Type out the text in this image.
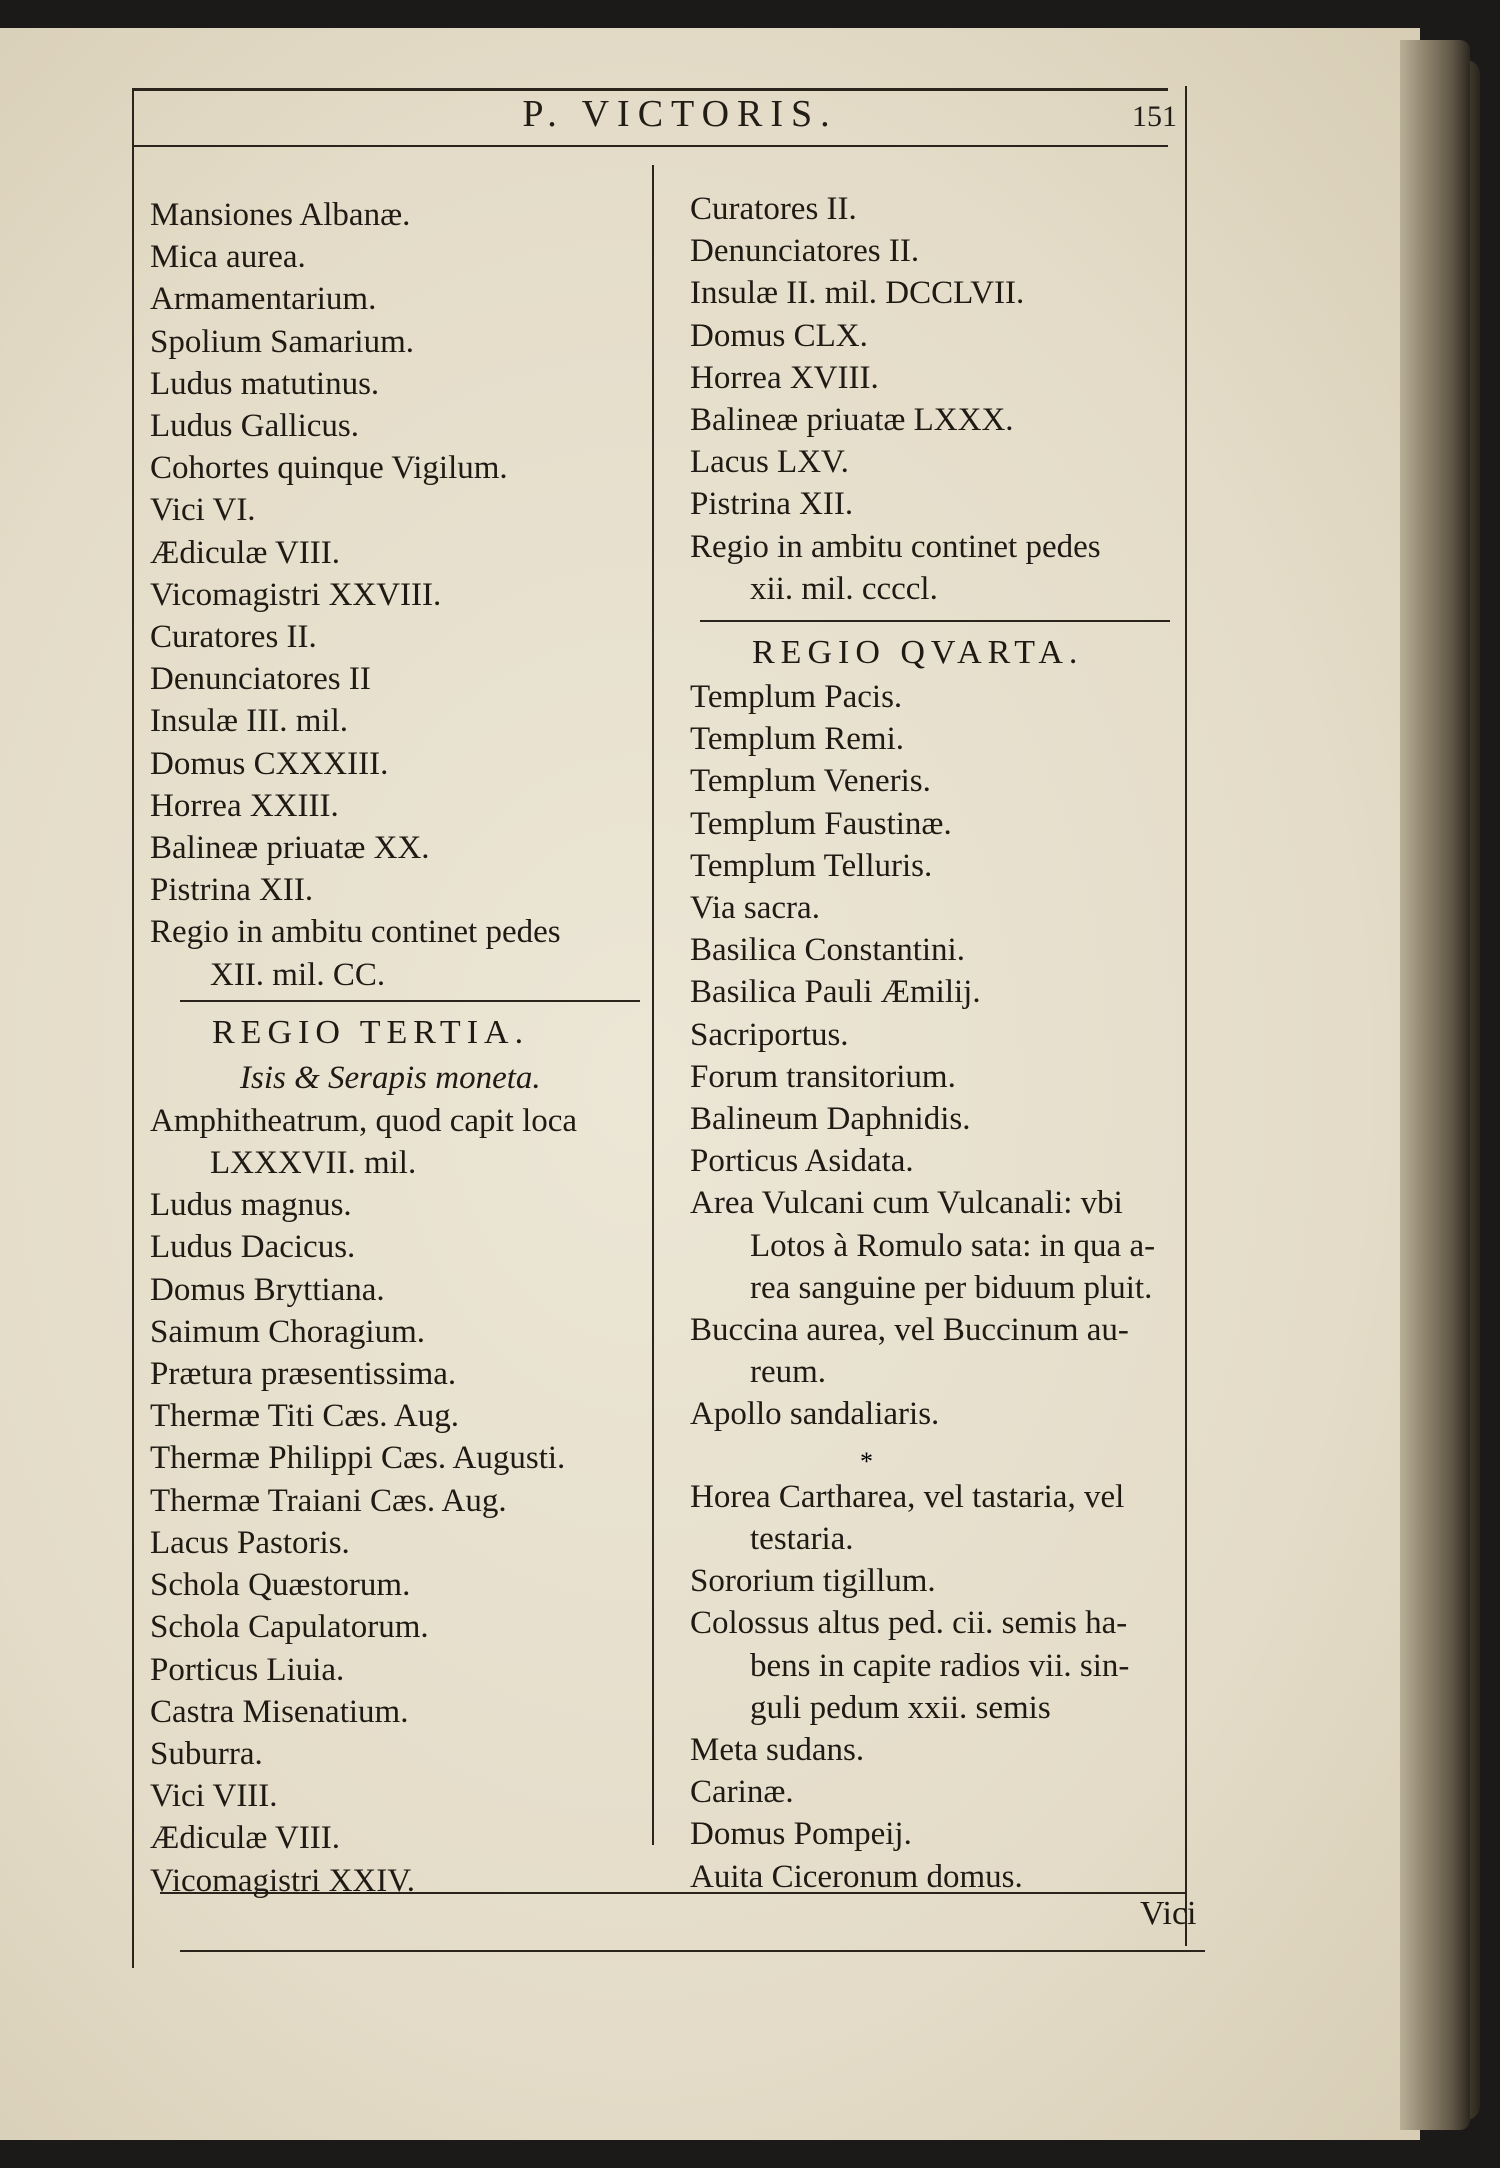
P. VICTORIS.	151
Mansiones Albanæ.
Mica aurea.
Armamentarium.
Spolium Samarium.
Ludus matutinus.
Ludus Gallicus.
Cohortes quinque Vigilum.
Vici VI.
Ædiculæ VIII.
Vicomagistri XXVIII.
Curatores II.
Denunciatores II
Insulæ III. mil.
Domus CXXXIII.
Horrea XXIII.
Balineæ priuatæ XX.
Pistrina XII.
Regio in ambitu continet pedes
XII. mil. CC.
REGIO TERTIA.
Isis & Serapis moneta.
Amphitheatrum, quod capit loca
LXXXVII. mil.
Ludus magnus.
Ludus Dacicus.
Domus Bryttiana.
Saimum Choragium.
Prætura præsentissima.
Thermæ Titi Cæs. Aug.
Thermæ Philippi Cæs. Augusti.
Thermæ Traiani Cæs. Aug.
Lacus Pastoris.
Schola Quæstorum.
Schola Capulatorum.
Porticus Liuia.
Castra Misenatium.
Suburra.
Vici VIII.
Ædiculæ VIII.
Vicomagistri XXIV.
Curatores II.
Denunciatores II.
Insulæ II. mil. DCCLVII.
Domus CLX.
Horrea XVIII.
Balineæ priuatæ LXXX.
Lacus LXV.
Pistrina XII.
Regio in ambitu continet pedes
xii. mil. ccccl.
REGIO QVARTA.
Templum Pacis.
Templum Remi.
Templum Veneris.
Templum Faustinæ.
Templum Telluris.
Via sacra.
Basilica Constantini.
Basilica Pauli Æmilij.
Sacriportus.
Forum transitorium.
Balineum Daphnidis.
Porticus Asidata.
Area Vulcani cum Vulcanali: vbi
Lotos à Romulo sata: in qua a-
rea sanguine per biduum pluit.
Buccina aurea, vel Buccinum au-
reum.
Apollo sandaliaris.
*
Horea Carthareа, vel tastaria, vel
testaria.
Sororium tigillum.
Colossus altus ped. cii. semis ha-
bens in capite radios vii. sin-
guli pedum xxii. semis
Meta sudans.
Carinæ.
Domus Pompeij.
Auita Ciceronum domus.
Vici
